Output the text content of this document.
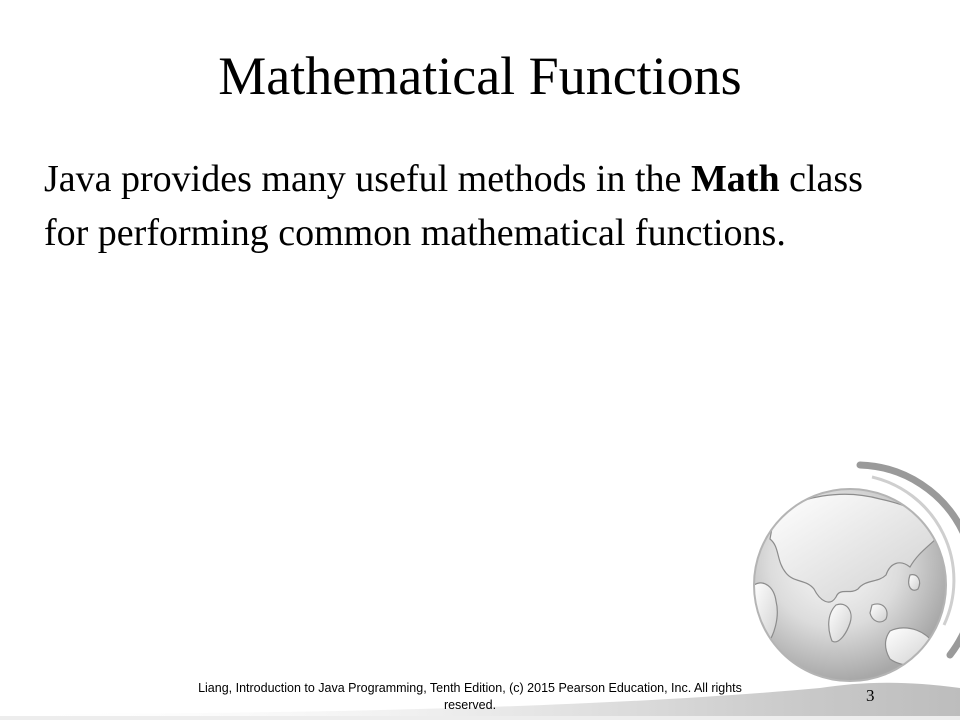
Mathematical Functions

Java provides many useful methods in the Math class for performing common mathematical functions.

Liang, Introduction to Java Programming, Tenth Edition, (c) 2015 Pearson Education, Inc. All rights reserved.	3
